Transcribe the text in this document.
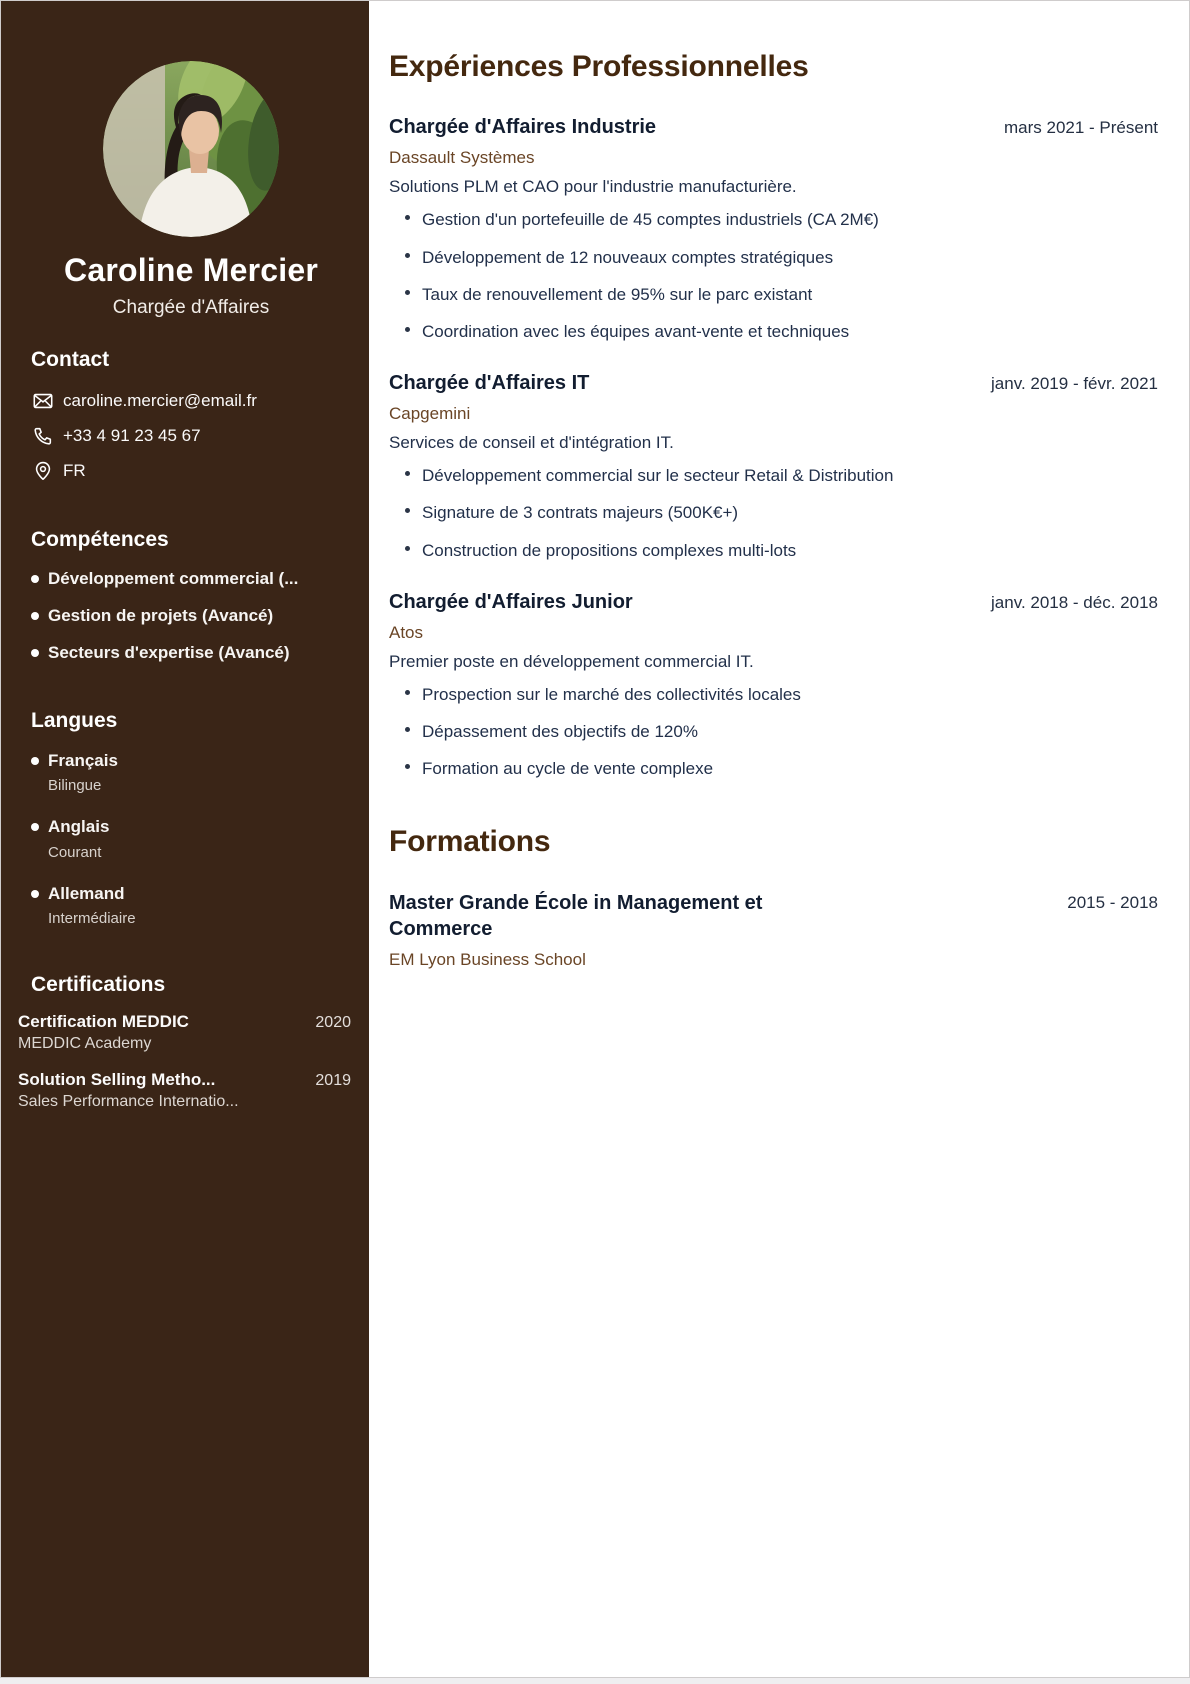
Caroline Mercier
Chargée d'Affaires
Contact
caroline.mercier@email.fr
+33 4 91 23 45 67
FR
Compétences
Développement commercial (...
Gestion de projets (Avancé)
Secteurs d'expertise (Avancé)
Langues
Français
Bilingue
Anglais
Courant
Allemand
Intermédiaire
Certifications
Certification MEDDIC	2020
MEDDIC Academy
Solution Selling Metho...	2019
Sales Performance Internatio...
Expériences Professionnelles
Chargée d'Affaires Industrie	mars 2021 - Présent
Dassault Systèmes
Solutions PLM et CAO pour l'industrie manufacturière.
Gestion d'un portefeuille de 45 comptes industriels (CA 2M€)
Développement de 12 nouveaux comptes stratégiques
Taux de renouvellement de 95% sur le parc existant
Coordination avec les équipes avant-vente et techniques
Chargée d'Affaires IT	janv. 2019 - févr. 2021
Capgemini
Services de conseil et d'intégration IT.
Développement commercial sur le secteur Retail & Distribution
Signature de 3 contrats majeurs (500K€+)
Construction de propositions complexes multi-lots
Chargée d'Affaires Junior	janv. 2018 - déc. 2018
Atos
Premier poste en développement commercial IT.
Prospection sur le marché des collectivités locales
Dépassement des objectifs de 120%
Formation au cycle de vente complexe
Formations
Master Grande École in Management et Commerce
2015 - 2018
EM Lyon Business School
